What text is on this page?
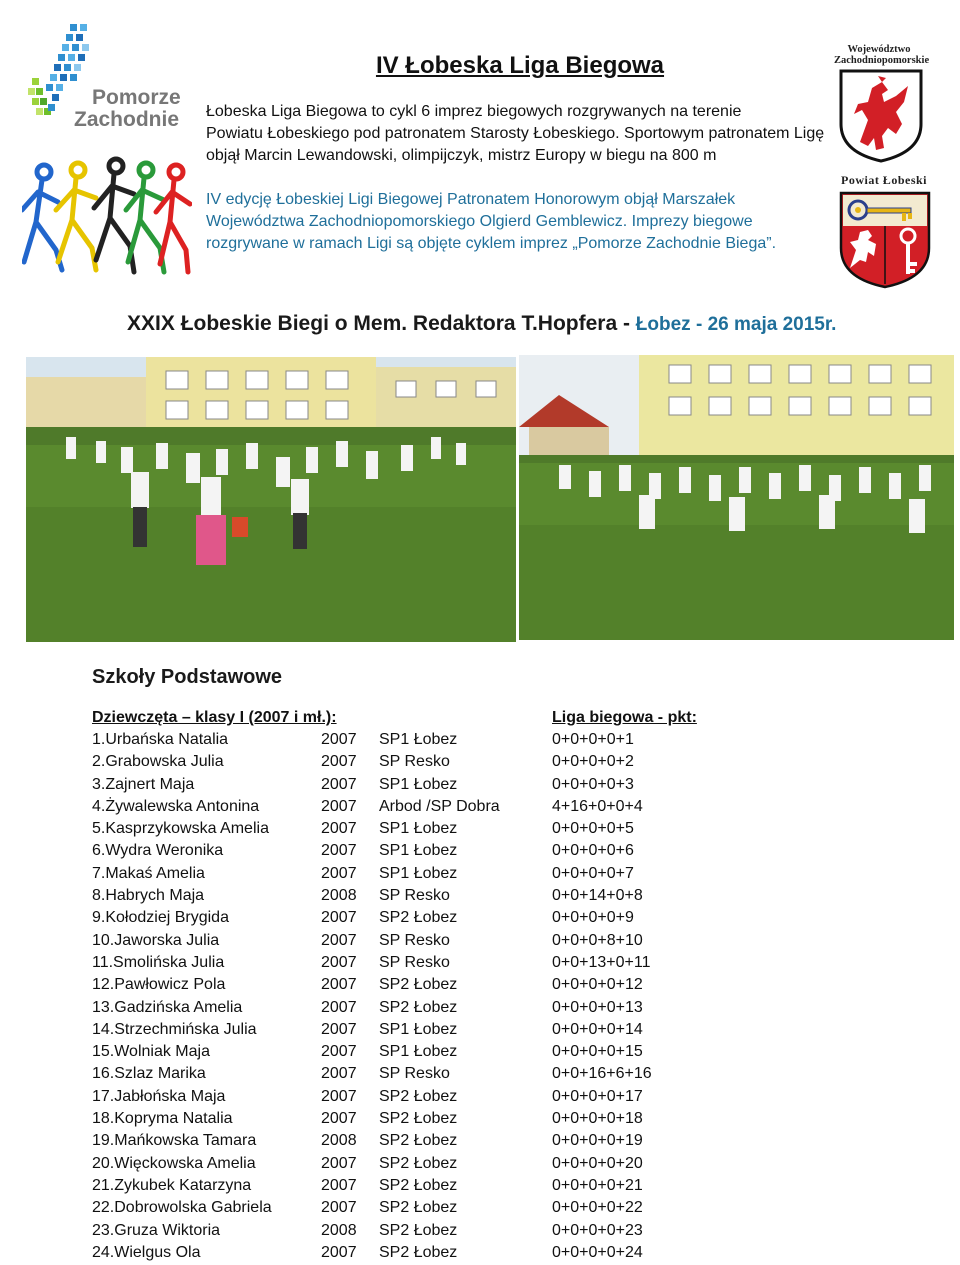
Pomorze
Zachodnie
IV Łobeska Liga Biegowa
Łobeska Liga Biegowa to cykl 6 imprez biegowych rozgrywanych na terenie
Powiatu Łobeskiego pod patronatem Starosty Łobeskiego. Sportowym patronatem Ligę
objął Marcin Lewandowski, olimpijczyk, mistrz Europy w biegu na 800 m
IV edycję Łobeskiej Ligi Biegowej Patronatem Honorowym objął Marszałek
Województwa Zachodniopomorskiego Olgierd Gemblewicz. Imprezy biegowe
rozgrywane w ramach Ligi są objęte cyklem imprez „Pomorze Zachodnie Biega”.
Województwo
Zachodniopomorskie
Powiat Łobeski
XXIX Łobeskie Biegi o Mem. Redaktora T.Hopfera - Łobez - 26 maja 2015r.
Szkoły Podstawowe
Dziewczęta – klasy I (2007 i mł.):	Liga biegowa - pkt:
1.Urbańska Natalia	2007 SP1 Łobez	0+0+0+0+1
2.Grabowska Julia	2007 SP Resko	0+0+0+0+2
3.Zajnert Maja	2007 SP1 Łobez	0+0+0+0+3
4.Żywalewska Antonina	2007 Arbod /SP Dobra	4+16+0+0+4
5.Kasprzykowska Amelia	2007 SP1 Łobez	0+0+0+0+5
6.Wydra Weronika	2007 SP1 Łobez	0+0+0+0+6
7.Makaś Amelia	2007 SP1 Łobez	0+0+0+0+7
8.Habrych Maja	2008 SP Resko	0+0+14+0+8
9.Kołodziej Brygida	2007 SP2 Łobez	0+0+0+0+9
10.Jaworska Julia	2007 SP Resko	0+0+0+8+10
11.Smolińska Julia	2007 SP Resko	0+0+13+0+11
12.Pawłowicz Pola	2007 SP2 Łobez	0+0+0+0+12
13.Gadzińska Amelia	2007 SP2 Łobez	0+0+0+0+13
14.Strzechmińska Julia	2007 SP1 Łobez	0+0+0+0+14
15.Wolniak Maja	2007 SP1 Łobez	0+0+0+0+15
16.Szlaz Marika	2007 SP Resko	0+0+16+6+16
17.Jabłońska Maja	2007 SP2 Łobez	0+0+0+0+17
18.Kopryma Natalia	2007 SP2 Łobez	0+0+0+0+18
19.Mańkowska Tamara	2008 SP2 Łobez	0+0+0+0+19
20.Więckowska Amelia	2007 SP2 Łobez	0+0+0+0+20
21.Zykubek Katarzyna	2007 SP2 Łobez	0+0+0+0+21
22.Dobrowolska Gabriela	2007 SP2 Łobez	0+0+0+0+22
23.Gruza Wiktoria	2008 SP2 Łobez	0+0+0+0+23
24.Wielgus Ola	2007 SP2 Łobez	0+0+0+0+24
